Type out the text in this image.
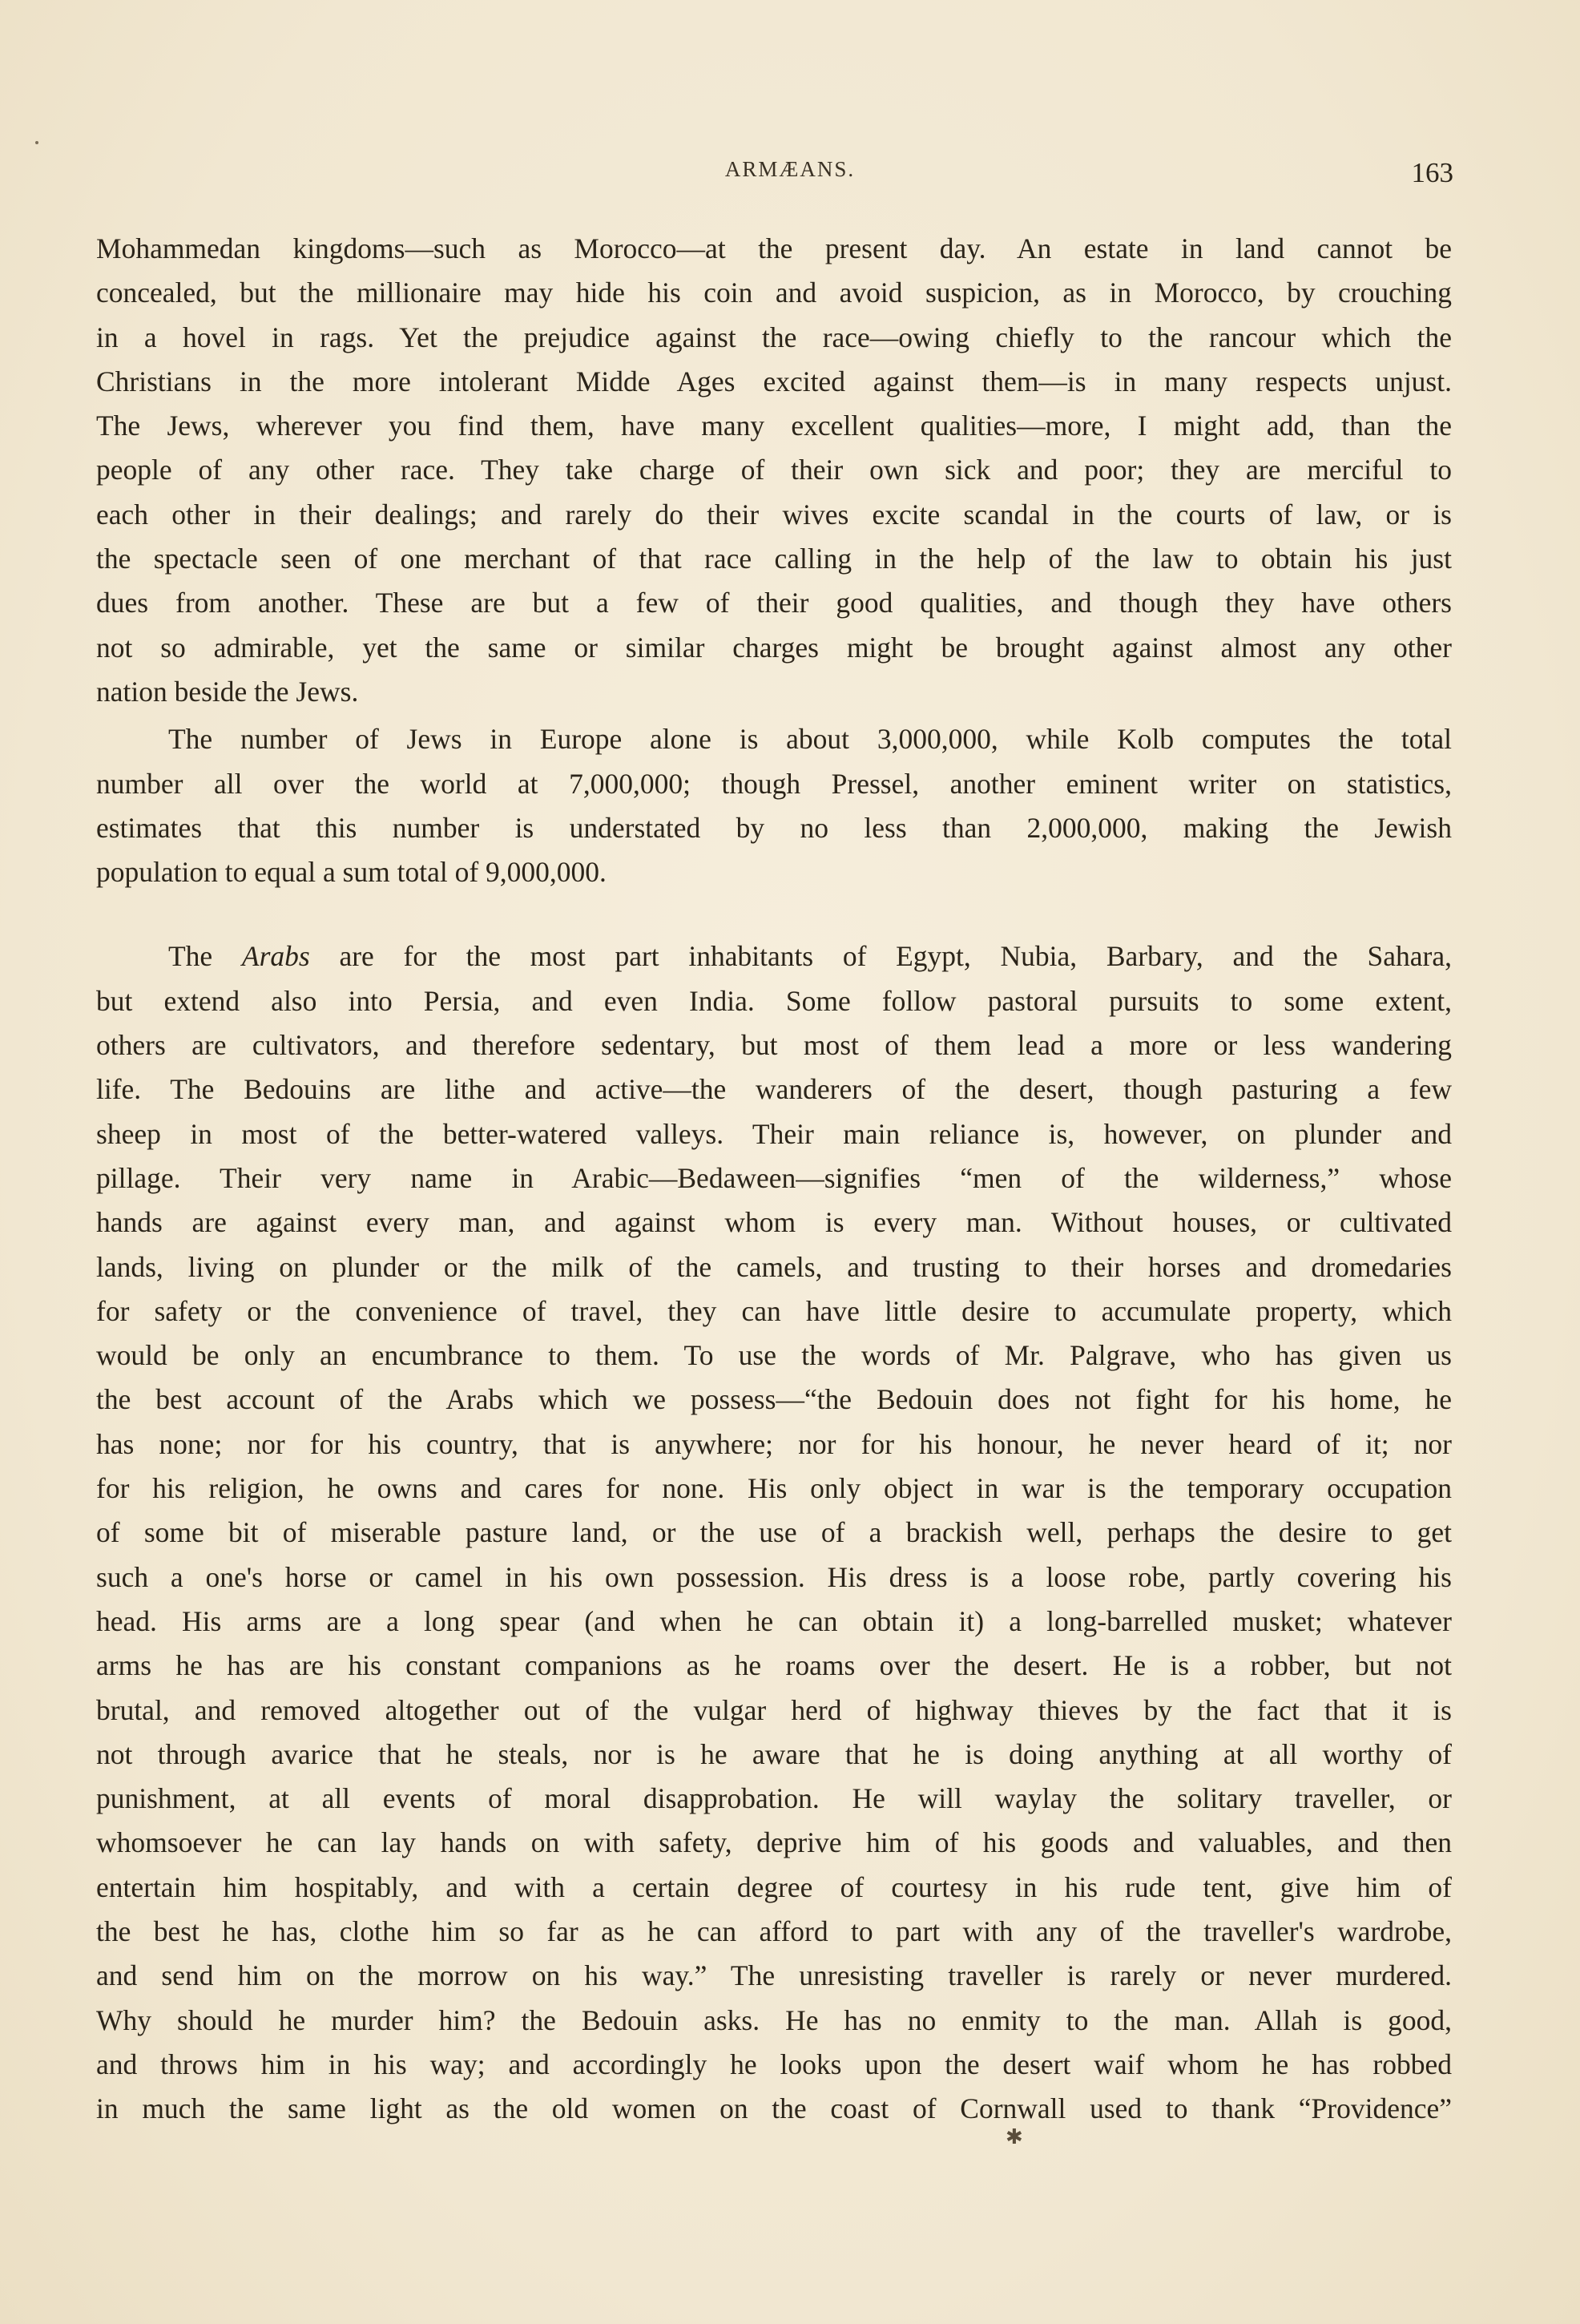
ARMÆANS.	163

Mohammedan kingdoms—such as Morocco—at the present day. An estate in land cannot be

concealed, but the millionaire may hide his coin and avoid suspicion, as in Morocco, by crouching

in a hovel in rags. Yet the prejudice against the race—owing chiefly to the rancour which the

Christians in the more intolerant Midde Ages excited against them—is in many respects unjust.

The Jews, wherever you find them, have many excellent qualities—more, I might add, than the

people of any other race. They take charge of their own sick and poor; they are merciful to

each other in their dealings; and rarely do their wives excite scandal in the courts of law, or is

the spectacle seen of one merchant of that race calling in the help of the law to obtain his just

dues from another. These are but a few of their good qualities, and though they have others

not so admirable, yet the same or similar charges might be brought against almost any other

nation beside the Jews.

The number of Jews in Europe alone is about 3,000,000, while Kolb computes the total

number all over the world at 7,000,000; though Pressel, another eminent writer on statistics,

estimates that this number is understated by no less than 2,000,000, making the Jewish

population to equal a sum total of 9,000,000.

The Arabs are for the most part inhabitants of Egypt, Nubia, Barbary, and the Sahara,

but extend also into Persia, and even India. Some follow pastoral pursuits to some extent,

others are cultivators, and therefore sedentary, but most of them lead a more or less wandering

life. The Bedouins are lithe and active—the wanderers of the desert, though pasturing a few

sheep in most of the better-watered valleys. Their main reliance is, however, on plunder and

pillage. Their very name in Arabic—Bedaween—signifies “men of the wilderness,” whose

hands are against every man, and against whom is every man. Without houses, or cultivated

lands, living on plunder or the milk of the camels, and trusting to their horses and dromedaries

for safety or the convenience of travel, they can have little desire to accumulate property, which

would be only an encumbrance to them. To use the words of Mr. Palgrave, who has given us

the best account of the Arabs which we possess—“the Bedouin does not fight for his home, he

has none; nor for his country, that is anywhere; nor for his honour, he never heard of it; nor

for his religion, he owns and cares for none. His only object in war is the temporary occupation

of some bit of miserable pasture land, or the use of a brackish well, perhaps the desire to get

such a one's horse or camel in his own possession. His dress is a loose robe, partly covering his

head. His arms are a long spear (and when he can obtain it) a long-barrelled musket; whatever

arms he has are his constant companions as he roams over the desert. He is a robber, but not

brutal, and removed altogether out of the vulgar herd of highway thieves by the fact that it is

not through avarice that he steals, nor is he aware that he is doing anything at all worthy of

punishment, at all events of moral disapprobation. He will waylay the solitary traveller, or

whomsoever he can lay hands on with safety, deprive him of his goods and valuables, and then

entertain him hospitably, and with a certain degree of courtesy in his rude tent, give him of

the best he has, clothe him so far as he can afford to part with any of the traveller's wardrobe,

and send him on the morrow on his way.” The unresisting traveller is rarely or never murdered.

Why should he murder him? the Bedouin asks. He has no enmity to the man. Allah is good,

and throws him in his way; and accordingly he looks upon the desert waif whom he has robbed

in much the same light as the old women on the coast of Cornwall used to thank “Providence”

✱
